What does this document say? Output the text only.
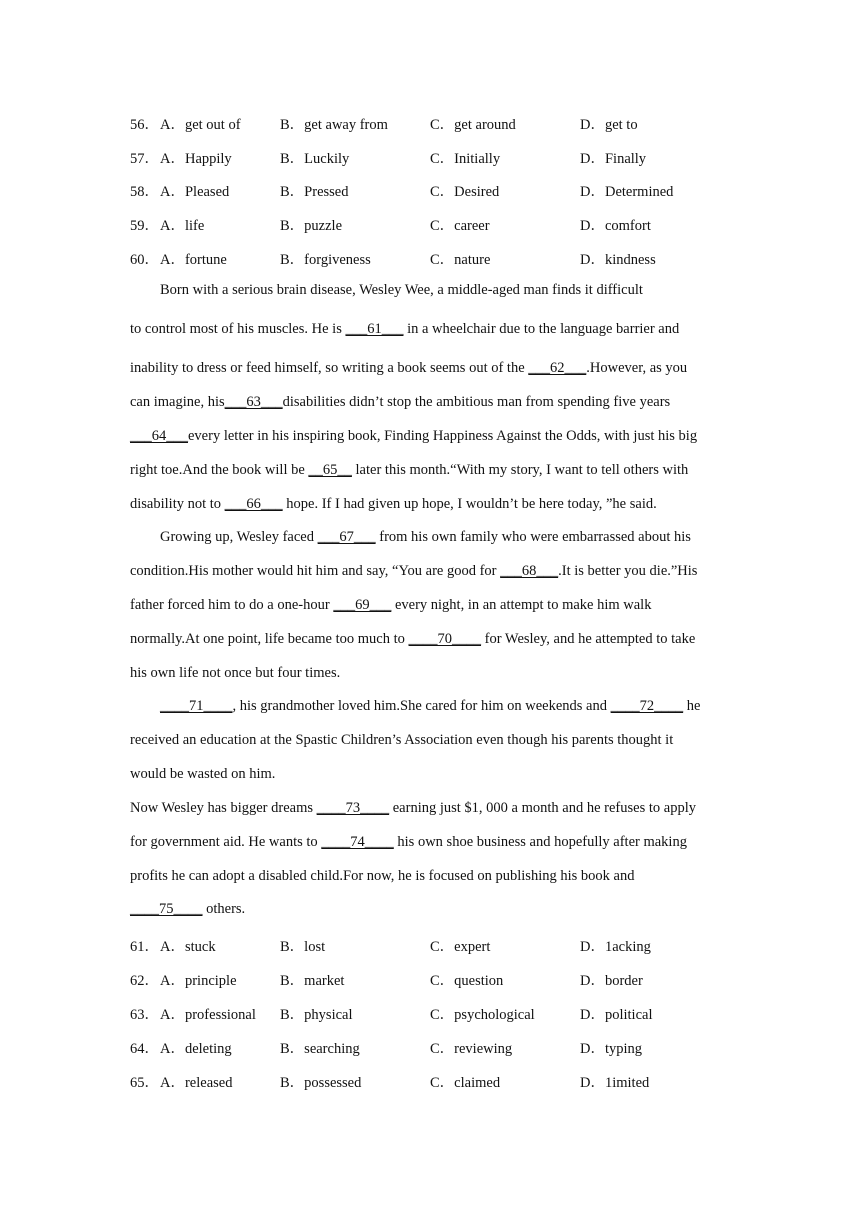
56． A．get out of	B．get away from	C．get around	D．get to
57． A．Happily	B．Luckily	C．Initially	D．Finally
58． A．Pleased	B．Pressed	C．Desired	D．Determined
59． A．life	B．puzzle	C．career	D．comfort
60． A．fortune	B．forgiveness	C．nature	D．kindness
Born with a serious brain disease, Wesley Wee, a middle-aged man finds it difficult
to control most of his muscles. He is ___61___ in a wheelchair due to the language barrier and
inability to dress or feed himself, so writing a book seems out of the ___62___.However, as you
can imagine, his___63___disabilities didn’t stop the ambitious man from spending five years
___64___every letter in his inspiring book, Finding Happiness Against the Odds, with just his big
right toe.And the book will be __65__ later this month.“With my story, I want to tell others with
disability not to ___66___ hope. If I had given up hope, I wouldn’t be here today, ”he said.
Growing up, Wesley faced ___67___ from his own family who were embarrassed about his
condition.His mother would hit him and say, “You are good for ___68___.It is better you die.”His
father forced him to do a one-hour ___69___ every night, in an attempt to make him walk
normally.At one point, life became too much to ____70____ for Wesley, and he attempted to take
his own life not once but four times.
____71____, his grandmother loved him.She cared for him on weekends and ____72____ he
received an education at the Spastic Children’s Association even though his parents thought it
would be wasted on him.
Now Wesley has bigger dreams ____73____ earning just $1, 000 a month and he refuses to apply
for government aid. He wants to ____74____ his own shoe business and hopefully after making
profits he can adopt a disabled child.For now, he is focused on publishing his book and
____75____ others.
61． A．stuck	B．lost	C．expert	D．1acking
62． A．principle	B．market	C．question	D．border
63． A．professional B．physical	C．psychological	D．political
64． A．deleting	B．searching	C．reviewing	D．typing
65． A．released	B．possessed	C．claimed	D．1imited
